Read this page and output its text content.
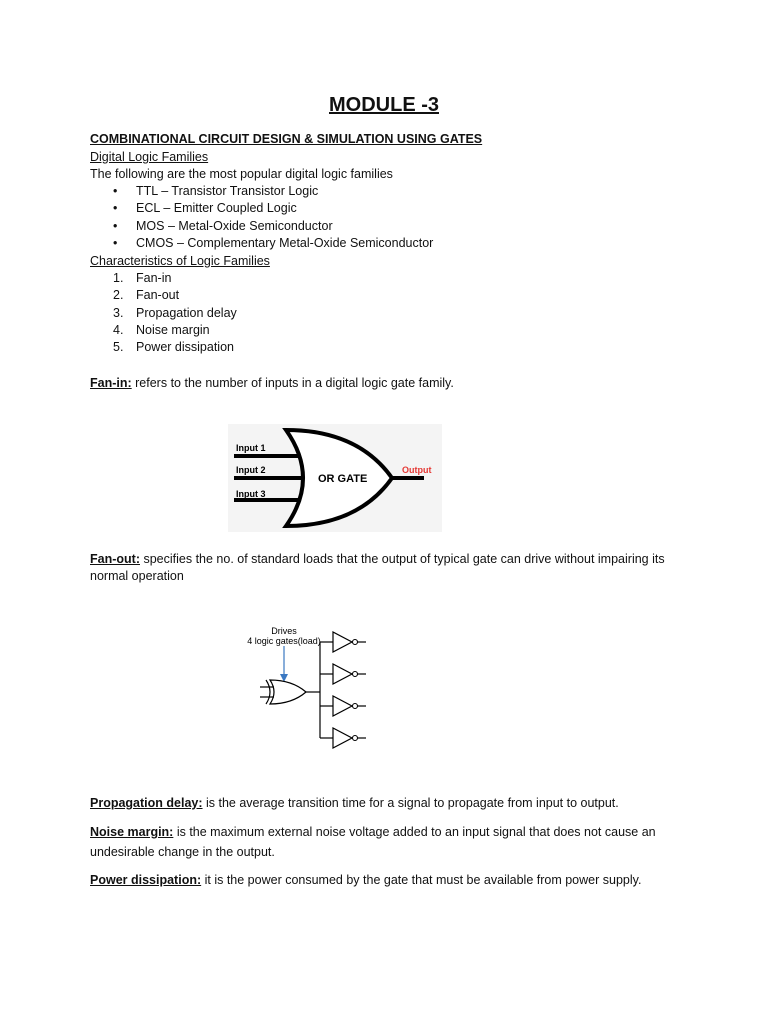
MODULE -3
COMBINATIONAL CIRCUIT DESIGN & SIMULATION USING GATES
Digital Logic Families
The following are the most popular digital logic families
•	TTL – Transistor Transistor Logic
•	ECL – Emitter Coupled Logic
•	MOS – Metal-Oxide Semiconductor
•	CMOS – Complementary Metal-Oxide Semiconductor
Characteristics of Logic Families
1.	Fan-in
2.	Fan-out
3.	Propagation delay
4.	Noise margin
5.	Power dissipation
Fan-in: refers to the number of inputs in a digital logic gate family.
Input 1
Input 2
Input 3
OR GATE
Output
Fan-out: specifies the no. of standard loads that the output of typical gate can drive without impairing its
normal operation
Drives
4 logic gates(load)
Propagation delay: is the average transition time for a signal to propagate from input to output.
Noise margin: is the maximum external noise voltage added to an input signal that does not cause an
undesirable change in the output.
Power dissipation: it is the power consumed by the gate that must be available from power supply.
